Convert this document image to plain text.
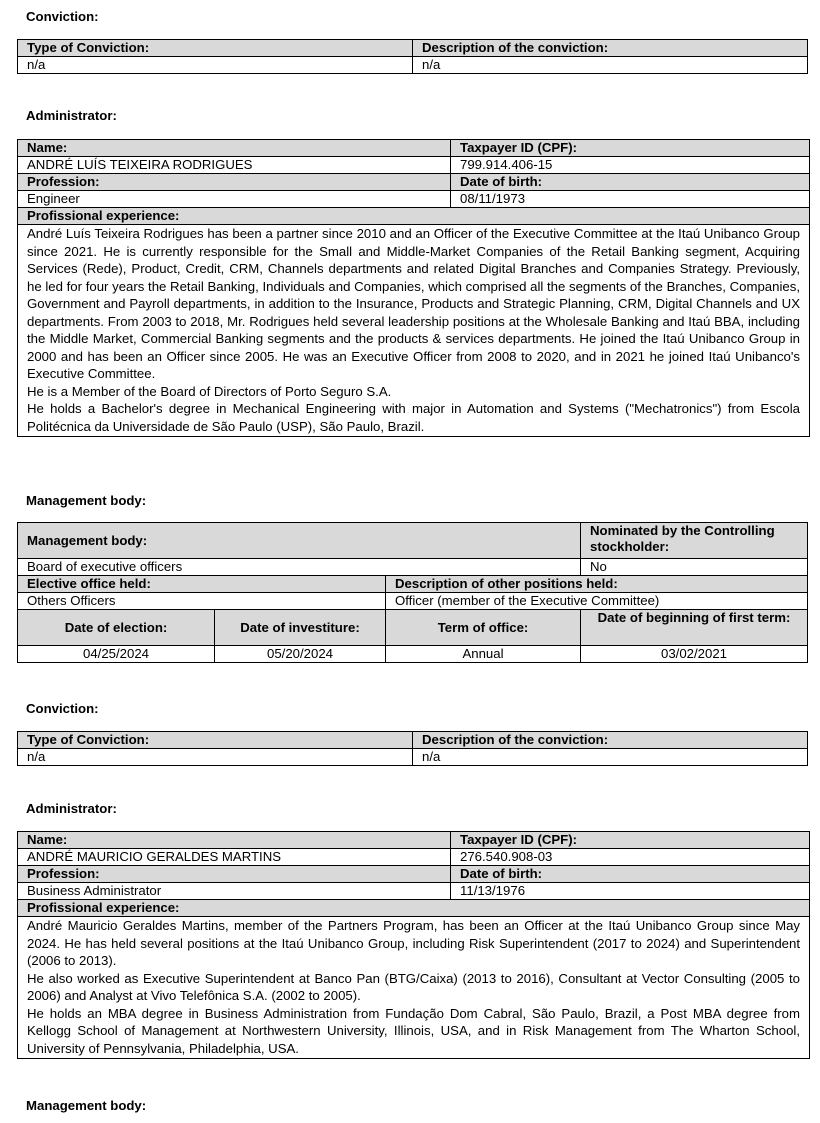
Conviction:
Type of Conviction:	Description of the conviction:
n/a	n/a
Administrator:
Name:	Taxpayer ID (CPF):
ANDRÉ LUÍS TEIXEIRA RODRIGUES	799.914.406-15
Profession:	Date of birth:
Engineer	08/11/1973
Profissional experience:	

André Luís Teixeira Rodrigues has been a partner since 2010 and an Officer of the Executive Committee at the Itaú Unibanco Group since 2021. He is currently responsible for the Small and Middle-Market Companies of the Retail Banking segment, Acquiring Services (Rede), Product, Credit, CRM, Channels departments and related Digital Branches and Companies Strategy. Previously, he led for four years the Retail Banking, Individuals and Companies, which comprised all the segments of the Branches, Companies, Government and Payroll departments, in addition to the Insurance, Products and Strategic Planning, CRM, Digital Channels and UX departments. From 2003 to 2018, Mr. Rodrigues held several leadership positions at the Wholesale Banking and Itaú BBA, including the Middle Market, Commercial Banking segments and the products & services departments. He joined the Itaú Unibanco Group in 2000 and has been an Officer since 2005. He was an Executive Officer from 2008 to 2020, and in 2021 he joined Itaú Unibanco's Executive Committee.
He is a Member of the Board of Directors of Porto Seguro S.A.
He holds a Bachelor's degree in Mechanical Engineering with major in Automation and Systems ("Mechatronics") from Escola Politécnica da Universidade de São Paulo (USP), São Paulo, Brazil.	
Management body:
Management body:			Nominated by the Controlling stockholder:
Board of executive officers			No
Elective office held:		Description of other positions held:	
Others Officers		Officer (member of the Executive Committee)	
Date of election:	Date of investiture:	Term of office:	Date of beginning of first term:
04/25/2024	05/20/2024	Annual	03/02/2021
Conviction:
Type of Conviction:	Description of the conviction:
n/a	n/a
Administrator:
Name:	Taxpayer ID (CPF):
ANDRÉ MAURICIO GERALDES MARTINS	276.540.908-03
Profession:	Date of birth:
Business Administrator	11/13/1976
Profissional experience:	

André Mauricio Geraldes Martins, member of the Partners Program, has been an Officer at the Itaú Unibanco Group since May 2024. He has held several positions at the Itaú Unibanco Group, including Risk Superintendent (2017 to 2024) and Superintendent (2006 to 2013).
He also worked as Executive Superintendent at Banco Pan (BTG/Caixa) (2013 to 2016), Consultant at Vector Consulting (2005 to 2006) and Analyst at Vivo Telefônica S.A. (2002 to 2005).
He holds an MBA degree in Business Administration from Fundação Dom Cabral, São Paulo, Brazil, a Post MBA degree from Kellogg School of Management at Northwestern University, Illinois, USA, and in Risk Management from The Wharton School, University of Pennsylvania, Philadelphia, USA.	
Management body:
